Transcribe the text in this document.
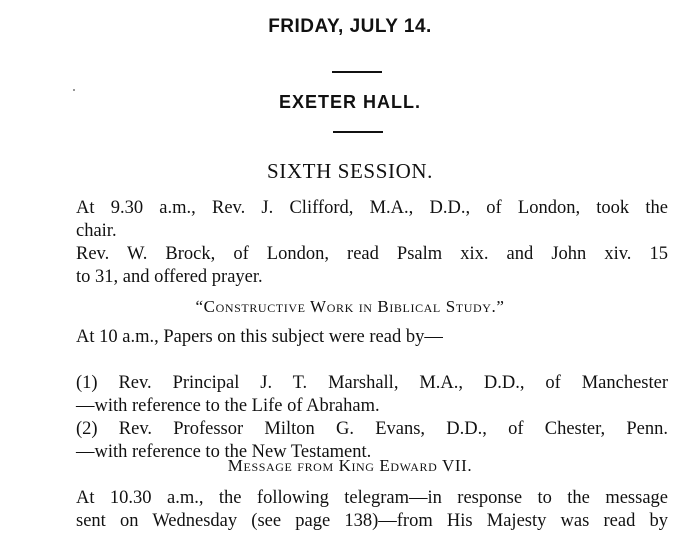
FRIDAY, JULY 14.
EXETER HALL.
SIXTH SESSION.
At 9.30 a.m., Rev. J. Clifford, M.A., D.D., of London, took the
chair.
Rev. W. Brock, of London, read Psalm xix. and John xiv. 15
to 31, and offered prayer.
“Constructive Work in Biblical Study.”
At 10 a.m., Papers on this subject were read by—
(1) Rev. Principal J. T. Marshall, M.A., D.D., of Manchester
—with reference to the Life of Abraham.
(2) Rev. Professor Milton G. Evans, D.D., of Chester, Penn.
—with reference to the New Testament.
Message from King Edward VII.
At 10.30 a.m., the following telegram—in response to the message
sent on Wednesday (see page 138)—from His Majesty was read by
